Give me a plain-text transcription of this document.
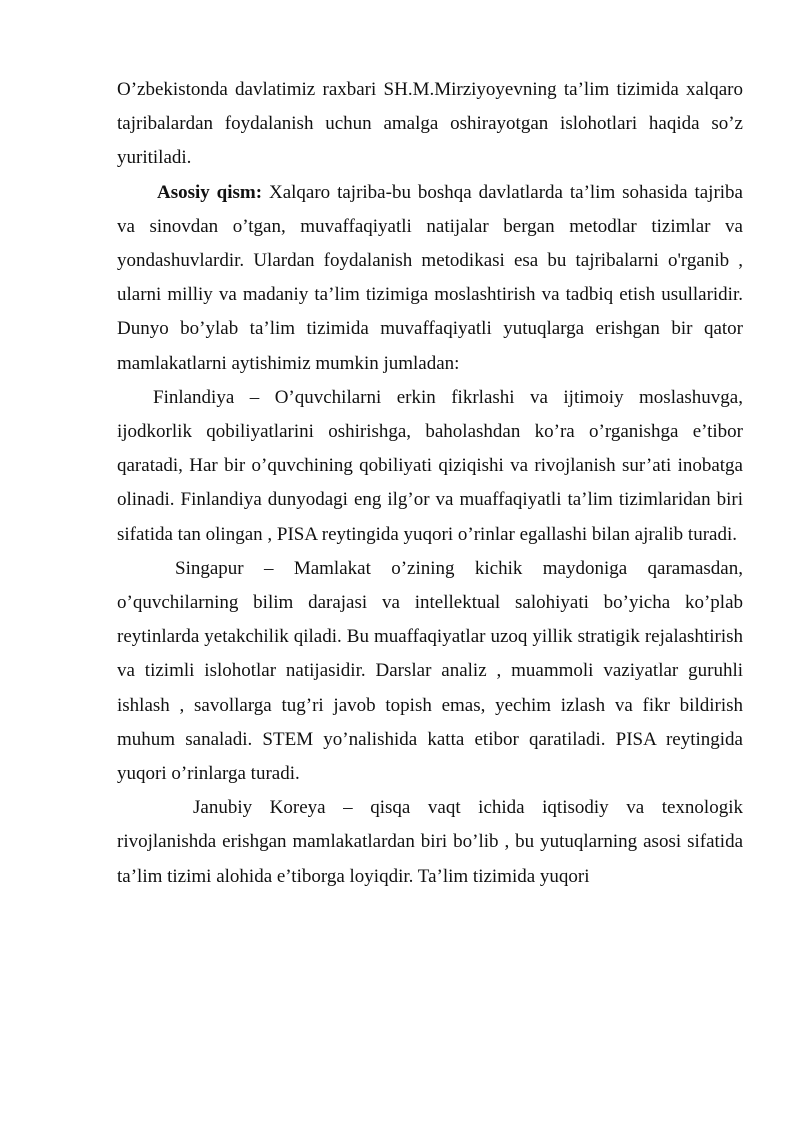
O’zbekistonda davlatimiz raxbari SH.M.Mirziyoyevning ta’lim tizimida xalqaro tajribalardan foydalanish uchun amalga oshirayotgan islohotlari haqida so’z yuritiladi.

Asosiy qism: Xalqaro tajriba-bu boshqa davlatlarda ta’lim sohasida tajriba va sinovdan o’tgan, muvaffaqiyatli natijalar bergan metodlar tizimlar va yondashuvlardir. Ulardan foydalanish metodikasi esa bu tajribalarni o'rganib , ularni milliy va madaniy ta’lim tizimiga moslashtirish va tadbiq etish usullaridir. Dunyo bo’ylab ta’lim tizimida muvaffaqiyatli yutuqlarga erishgan bir qator mamlakatlarni aytishimiz mumkin jumladan:

Finlandiya – O’quvchilarni erkin fikrlashi va ijtimoiy moslashuvga, ijodkorlik qobiliyatlarini oshirishga, baholashdan ko’ra o’rganishga e’tibor qaratadi, Har bir o’quvchining qobiliyati qiziqishi va rivojlanish sur’ati inobatga olinadi. Finlandiya dunyodagi eng ilg’or va muaffaqiyatli ta’lim tizimlaridan biri sifatida tan olingan , PISA reytingida yuqori o’rinlar egallashi bilan ajralib turadi.

Singapur – Mamlakat o’zining kichik maydoniga qaramasdan, o’quvchilarning bilim darajasi va intellektual salohiyati bo’yicha ko’plab reytinlarda yetakchilik qiladi. Bu muaffaqiyatlar uzoq yillik stratigik rejalashtirish va tizimli islohotlar natijasidir. Darslar analiz , muammoli vaziyatlar guruhli ishlash , savollarga tug’ri javob topish emas, yechim izlash va fikr bildirish muhum sanaladi. STEM yo’nalishida katta etibor qaratiladi. PISA reytingida yuqori o’rinlarga turadi.

Janubiy Koreya – qisqa vaqt ichida iqtisodiy va texnologik rivojlanishda erishgan mamlakatlardan biri bo’lib , bu yutuqlarning asosi sifatida ta’lim tizimi alohida e’tiborga loyiqdir. Ta’lim tizimida yuqori
